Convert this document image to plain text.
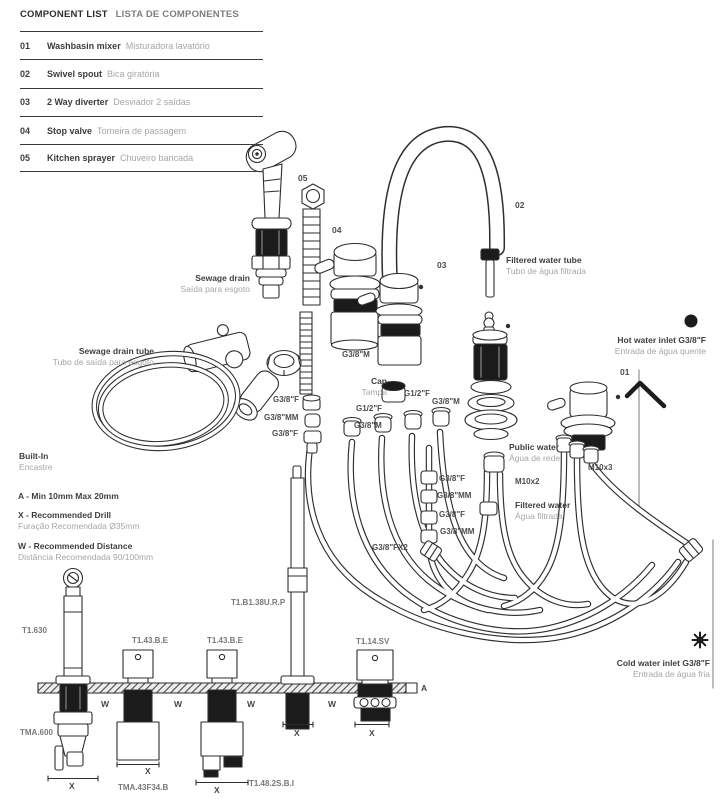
COMPONENT LIST LISTA DE COMPONENTES
01	Washbasin mixer Misturadora lavatório
02	Swivel spout Bica giratória
03	2 Way diverter Desviador 2 saídas
04	Stop valve Torneira de passagem
05	Kitchen sprayer Chuveiro bancada
05
04
03
02
01
Sewage drain
Saída para esgoto
Sewage drain tube
Tubo de saída para esgoto
Built-In
Encastre
A - Min 10mm Max 20mm
X - Recommended Drill
Furação Recomendada Ø35mm
W - Recommended Distance
Distância Recomendada 90/100mm
Filtered water tube
Tubo de água filtrada
Hot water inlet G3/8"F
Entrada de água quente
Cold water inlet G3/8"F
Entrada de água fria
Public water
Água de rede
Filtered water
Água filtrada
Cap
Tampa
G3/8"M
G1/2"F
G3/8"M
G1/2"F
G3/8"M
G3/8"F
G3/8"MM
G3/8"F
G3/8"F
G3/8"MM
G3/8"F
G3/8"MM
G3/8"FX2
M10x2
M10x3
T1.630
T1.43.B.E	T1.43.B.E
T1.B1.38U.R.P
T1.14.SV
TMA.600
TMA.43F34.B	T1.48.2S.B.I
W	W	W	W
X
X
X
X	X
A
